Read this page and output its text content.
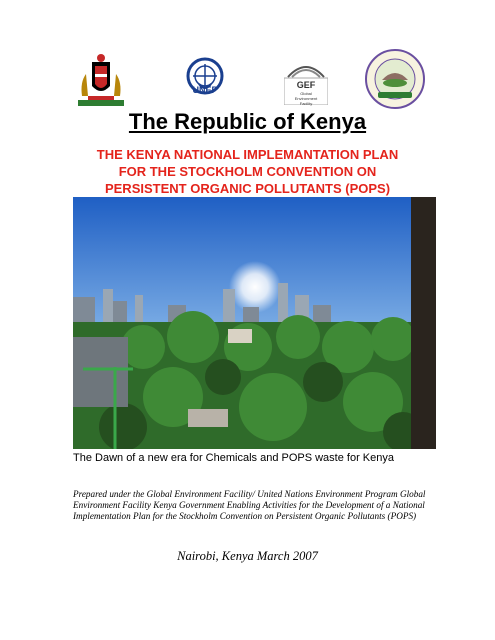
UNEP	GEF
Global Environment Facility
The Republic of Kenya
THE KENYA NATIONAL IMPLEMANTATION PLAN
FOR THE STOCKHOLM CONVENTION ON
PERSISTENT ORGANIC POLLUTANTS (POPS)
The Dawn of a new era for Chemicals and POPS waste for Kenya
Prepared under the Global Environment Facility/ United Nations Environment Program Global Environment Facility Kenya Government Enabling Activities for the Development of a National Implementation Plan for the Stockholm Convention on Persistent Organic Pollutants (POPS)
Nairobi, Kenya March 2007
